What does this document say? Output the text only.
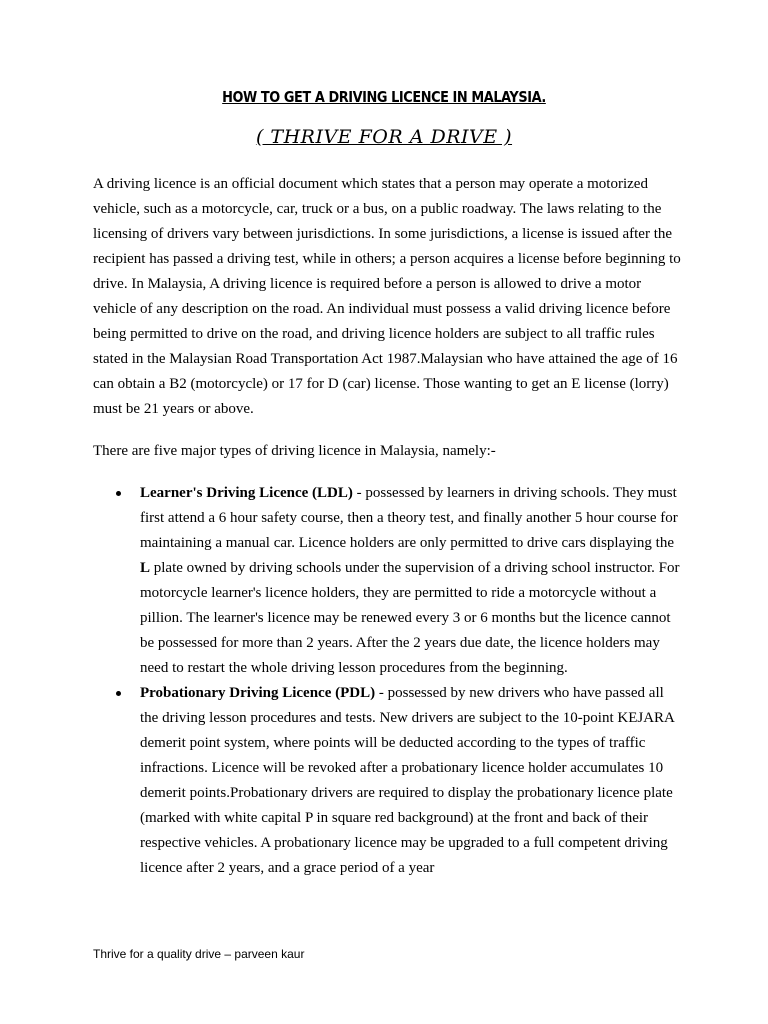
HOW TO GET A DRIVING LICENCE IN MALAYSIA.
( THRIVE FOR A DRIVE )

A driving licence is an official document which states that a person may operate a motorized vehicle, such as a motorcycle, car, truck or a bus, on a public roadway. The laws relating to the licensing of drivers vary between jurisdictions. In some jurisdictions, a license is issued after the recipient has passed a driving test, while in others; a person acquires a license before beginning to drive. In Malaysia, A driving licence is required before a person is allowed to drive a motor vehicle of any description on the road. An individual must possess a valid driving licence before being permitted to drive on the road, and driving licence holders are subject to all traffic rules stated in the Malaysian Road Transportation Act 1987.Malaysian who have attained the age of 16 can obtain a B2 (motorcycle) or 17 for D (car) license. Those wanting to get an E license (lorry) must be 21 years or above.

There are five major types of driving licence in Malaysia, namely:-

Learner's Driving Licence (LDL) - possessed by learners in driving schools. They must first attend a 6 hour safety course, then a theory test, and finally another 5 hour course for maintaining a manual car. Licence holders are only permitted to drive cars displaying the L plate owned by driving schools under the supervision of a driving school instructor. For motorcycle learner's licence holders, they are permitted to ride a motorcycle without a pillion. The learner's licence may be renewed every 3 or 6 months but the licence cannot be possessed for more than 2 years. After the 2 years due date, the licence holders may need to restart the whole driving lesson procedures from the beginning.
Probationary Driving Licence (PDL) - possessed by new drivers who have passed all the driving lesson procedures and tests. New drivers are subject to the 10-point KEJARA demerit point system, where points will be deducted according to the types of traffic infractions. Licence will be revoked after a probationary licence holder accumulates 10 demerit points.Probationary drivers are required to display the probationary licence plate (marked with white capital P in square red background) at the front and back of their respective vehicles. A probationary licence may be upgraded to a full competent driving licence after 2 years, and a grace period of a year
Thrive for a quality drive – parveen kaur
